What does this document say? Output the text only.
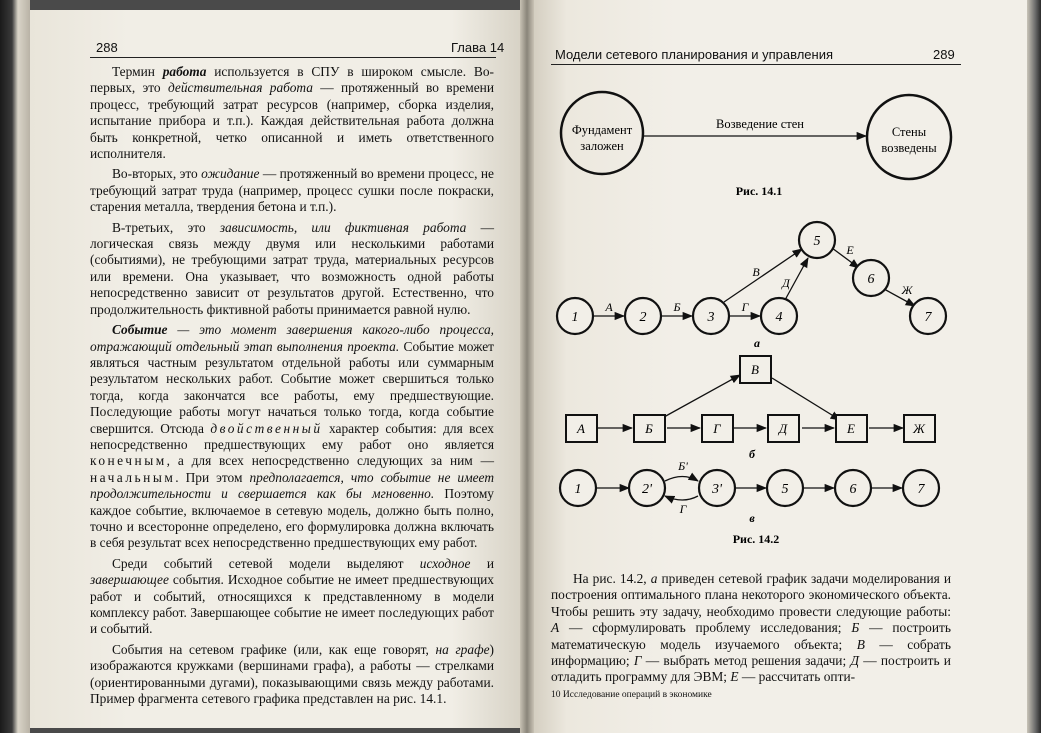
288	Глава 14

Термин работа используется в СПУ в широком смысле. Во-первых, это действительная работа — протяженный во времени процесс, требующий затрат ресурсов (например, сборка изделия, испытание прибора и т.п.). Каждая действительная работа должна быть конкретной, четко описанной и иметь ответственного исполнителя.

Во-вторых, это ожидание — протяженный во времени процесс, не требующий затрат труда (например, процесс сушки после покраски, старения металла, твердения бетона и т.п.).

В-третьих, это зависимость, или фиктивная работа — логическая связь между двумя или несколькими работами (событиями), не требующими затрат труда, материальных ресурсов или времени. Она указывает, что возможность одной работы непосредственно зависит от результатов другой. Естественно, что продолжительность фиктивной работы принимается равной нулю.

Событие — это момент завершения какого-либо процесса, отражающий отдельный этап выполнения проекта. Событие может являться частным результатом отдельной работы или суммарным результатом нескольких работ. Событие может свершиться только тогда, когда закончатся все работы, ему предшествующие. Последующие работы могут начаться только тогда, когда событие свершится. Отсюда двойственный характер события: для всех непосредственно предшествующих ему работ оно является конечным, а для всех непосредственно следующих за ним — начальным. При этом предполагается, что событие не имеет продолжительности и свершается как бы мгновенно. Поэтому каждое событие, включаемое в сетевую модель, должно быть полно, точно и всесторонне определено, его формулировка должна включать в себя результат всех непосредственно предшествующих ему работ.

Среди событий сетевой модели выделяют исходное и завершающее события. Исходное событие не имеет предшествующих работ и событий, относящихся к представленному в модели комплексу работ. Завершающее событие не имеет последующих работ и событий.

События на сетевом графике (или, как еще говорят, на графе) изображаются кружками (вершинами графа), а работы — стрелками (ориентированными дугами), показывающими связь между работами. Пример фрагмента сетевого графика представлен на рис. 14.1.

Модели сетевого планирования и управления	289
Фундамент
заложен
Стены
возведены
Возведение стен
Рис. 14.1
1	2	3	4
5
6
7
А	Б	Г
В
Д
Е
Ж
а
А	Б	Г	Д	Е	Ж
В
б
1	2'	3'	5	6	7
Б'
Г
в
Рис. 14.2

На рис. 14.2, а приведен сетевой график задачи моделирования и построения оптимального плана некоторого экономического объекта. Чтобы решить эту задачу, необходимо провести следующие работы: А — сформулировать проблему исследования; Б — построить математическую модель изучаемого объекта; В — собрать информацию; Г — выбрать метод решения задачи; Д — построить и отладить программу для ЭВМ; Е — рассчитать опти-

10 Исследование операций в экономике
